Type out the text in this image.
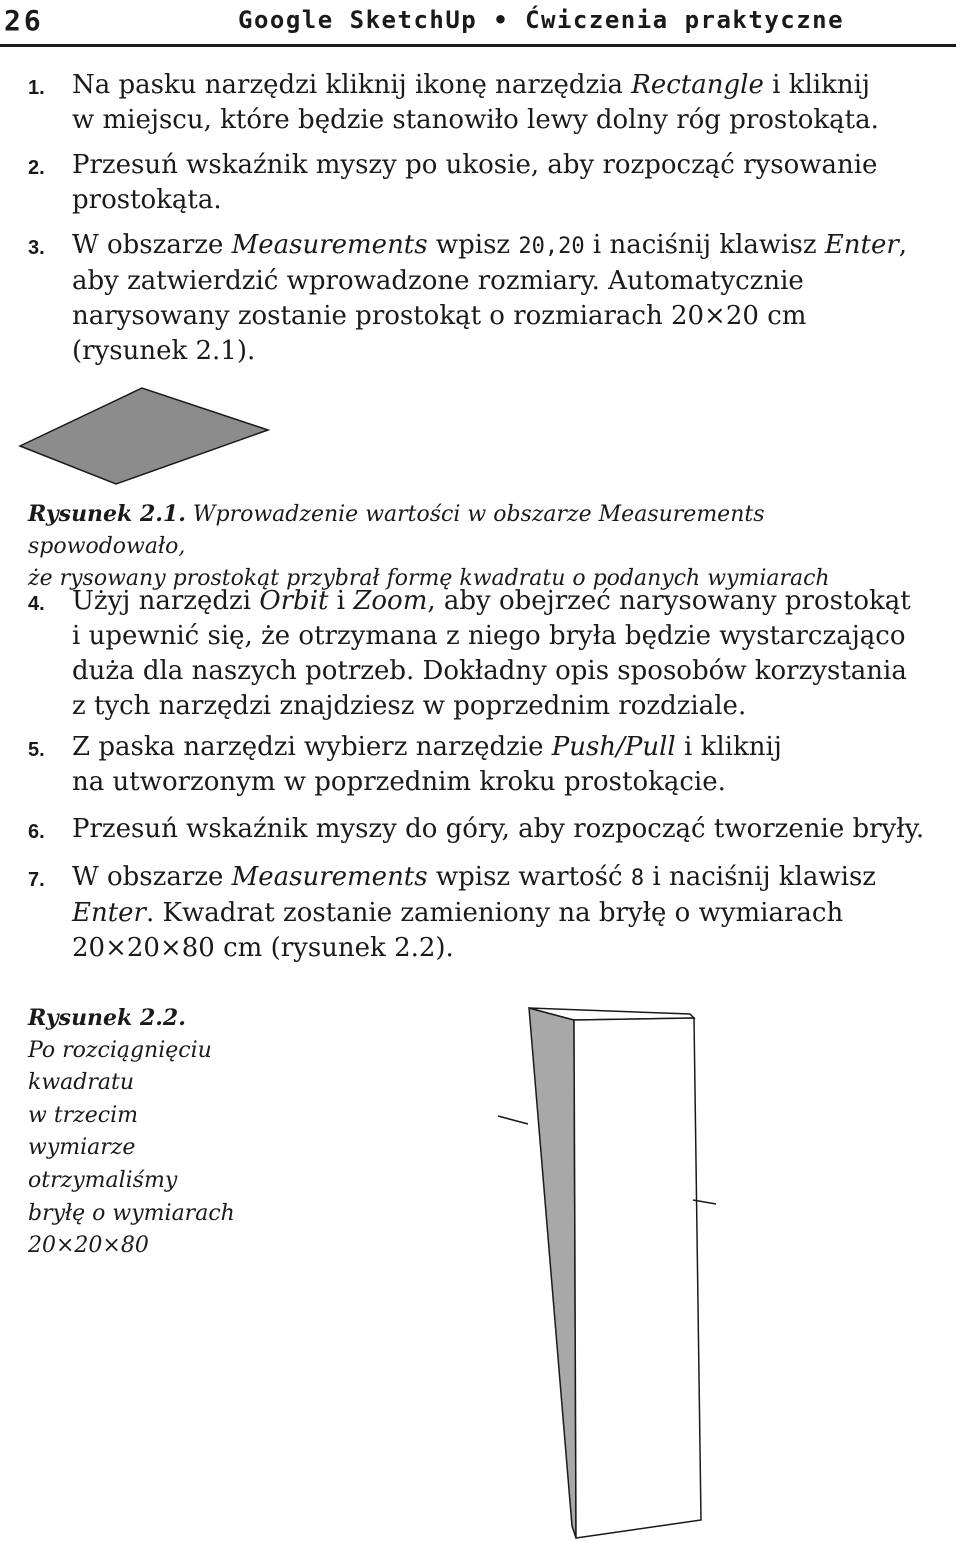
26	Google SketchUp • Ćwiczenia praktyczne
1. Na pasku narzędzi kliknij ikonę narzędzia Rectangle i kliknij
w miejscu, które będzie stanowiło lewy dolny róg prostokąta.
2. Przesuń wskaźnik myszy po ukosie, aby rozpocząć rysowanie
prostokąta.
3. W obszarze Measurements wpisz 20,20 i naciśnij klawisz Enter,
aby zatwierdzić wprowadzone rozmiary. Automatycznie
narysowany zostanie prostokąt o rozmiarach 20×20 cm
(rysunek 2.1).
Rysunek 2.1. Wprowadzenie wartości w obszarze Measurements spowodowało,
że rysowany prostokąt przybrał formę kwadratu o podanych wymiarach
4. Użyj narzędzi Orbit i Zoom, aby obejrzeć narysowany prostokąt
i upewnić się, że otrzymana z niego bryła będzie wystarczająco
duża dla naszych potrzeb. Dokładny opis sposobów korzystania
z tych narzędzi znajdziesz w poprzednim rozdziale.
5. Z paska narzędzi wybierz narzędzie Push/Pull i kliknij
na utworzonym w poprzednim kroku prostokącie.
6. Przesuń wskaźnik myszy do góry, aby rozpocząć tworzenie bryły.
7. W obszarze Measurements wpisz wartość 8 i naciśnij klawisz
Enter. Kwadrat zostanie zamieniony na bryłę o wymiarach
20×20×80 cm (rysunek 2.2).
Rysunek 2.2.
Po rozciągnięciu
kwadratu
w trzecim
wymiarze
otrzymaliśmy
bryłę o wymiarach
20×20×80
